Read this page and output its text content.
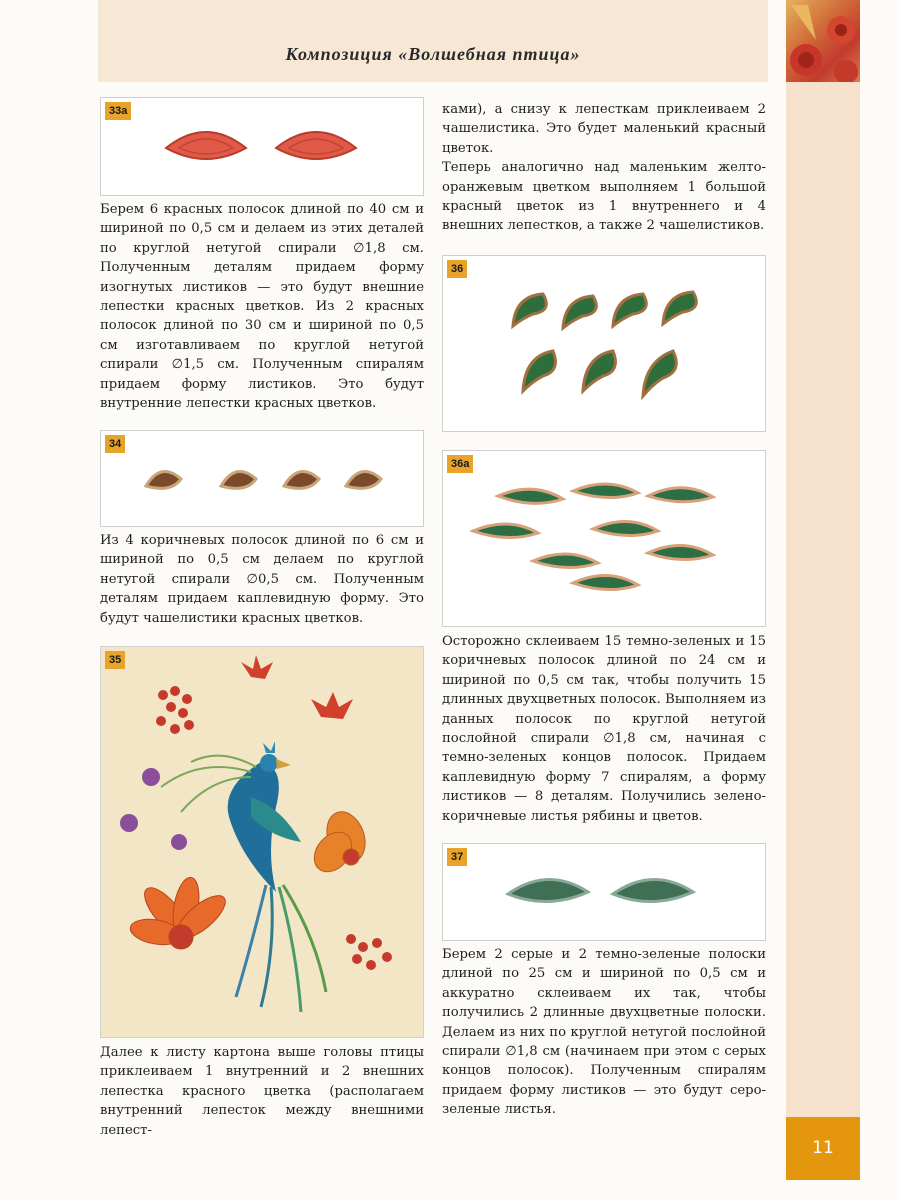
Композиция «Волшебная птица»
11
33а

Берем 6 красных полосок длиной по 40 см и шириной по 0,5 см и делаем из этих деталей по круглой нетугой спирали ∅1,8 см. Полученным деталям придаем форму изогнутых листиков — это будут внешние лепестки красных цветков. Из 2 красных полосок длиной по 30 см и шириной по 0,5 см изготавливаем по круглой нетугой спирали ∅1,5 см. Полученным спиралям придаем форму листиков. Это будут внутренние лепестки красных цветков.

34

Из 4 коричневых полосок длиной по 6 см и шириной по 0,5 см делаем по круглой нетугой спирали ∅0,5 см. Полученным деталям придаем каплевидную форму. Это будут чашелистики красных цветков.

35

Далее к листу картона выше головы птицы приклеиваем 1 внутренний и 2 внешних лепестка красного цветка (располагаем внутренний лепесток между внешними лепест-

ками), а снизу к лепесткам приклеиваем 2 чашелистика. Это будет маленький красный цветок.

Теперь аналогично над маленьким желто-оранжевым цветком выполняем 1 большой красный цветок из 1 внутреннего и 4 внешних лепестков, а также 2 чашелистиков.

36
36а

Осторожно склеиваем 15 темно-зеленых и 15 коричневых полосок длиной по 24 см и шириной по 0,5 см так, чтобы получить 15 длинных двухцветных полосок. Выполняем из данных полосок по круглой нетугой послойной спирали ∅1,8 см, начиная с темно-зеленых концов полосок. Придаем каплевидную форму 7 спиралям, а форму листиков — 8 деталям. Получились зелено-коричневые листья рябины и цветов.

37

Берем 2 серые и 2 темно-зеленые полоски длиной по 25 см и шириной по 0,5 см и аккуратно склеиваем их так, чтобы получились 2 длинные двухцветные полоски. Делаем из них по круглой нетугой послойной спирали ∅1,8 см (начинаем при этом с серых концов полосок). Полученным спиралям придаем форму листиков — это будут серо-зеленые листья.
